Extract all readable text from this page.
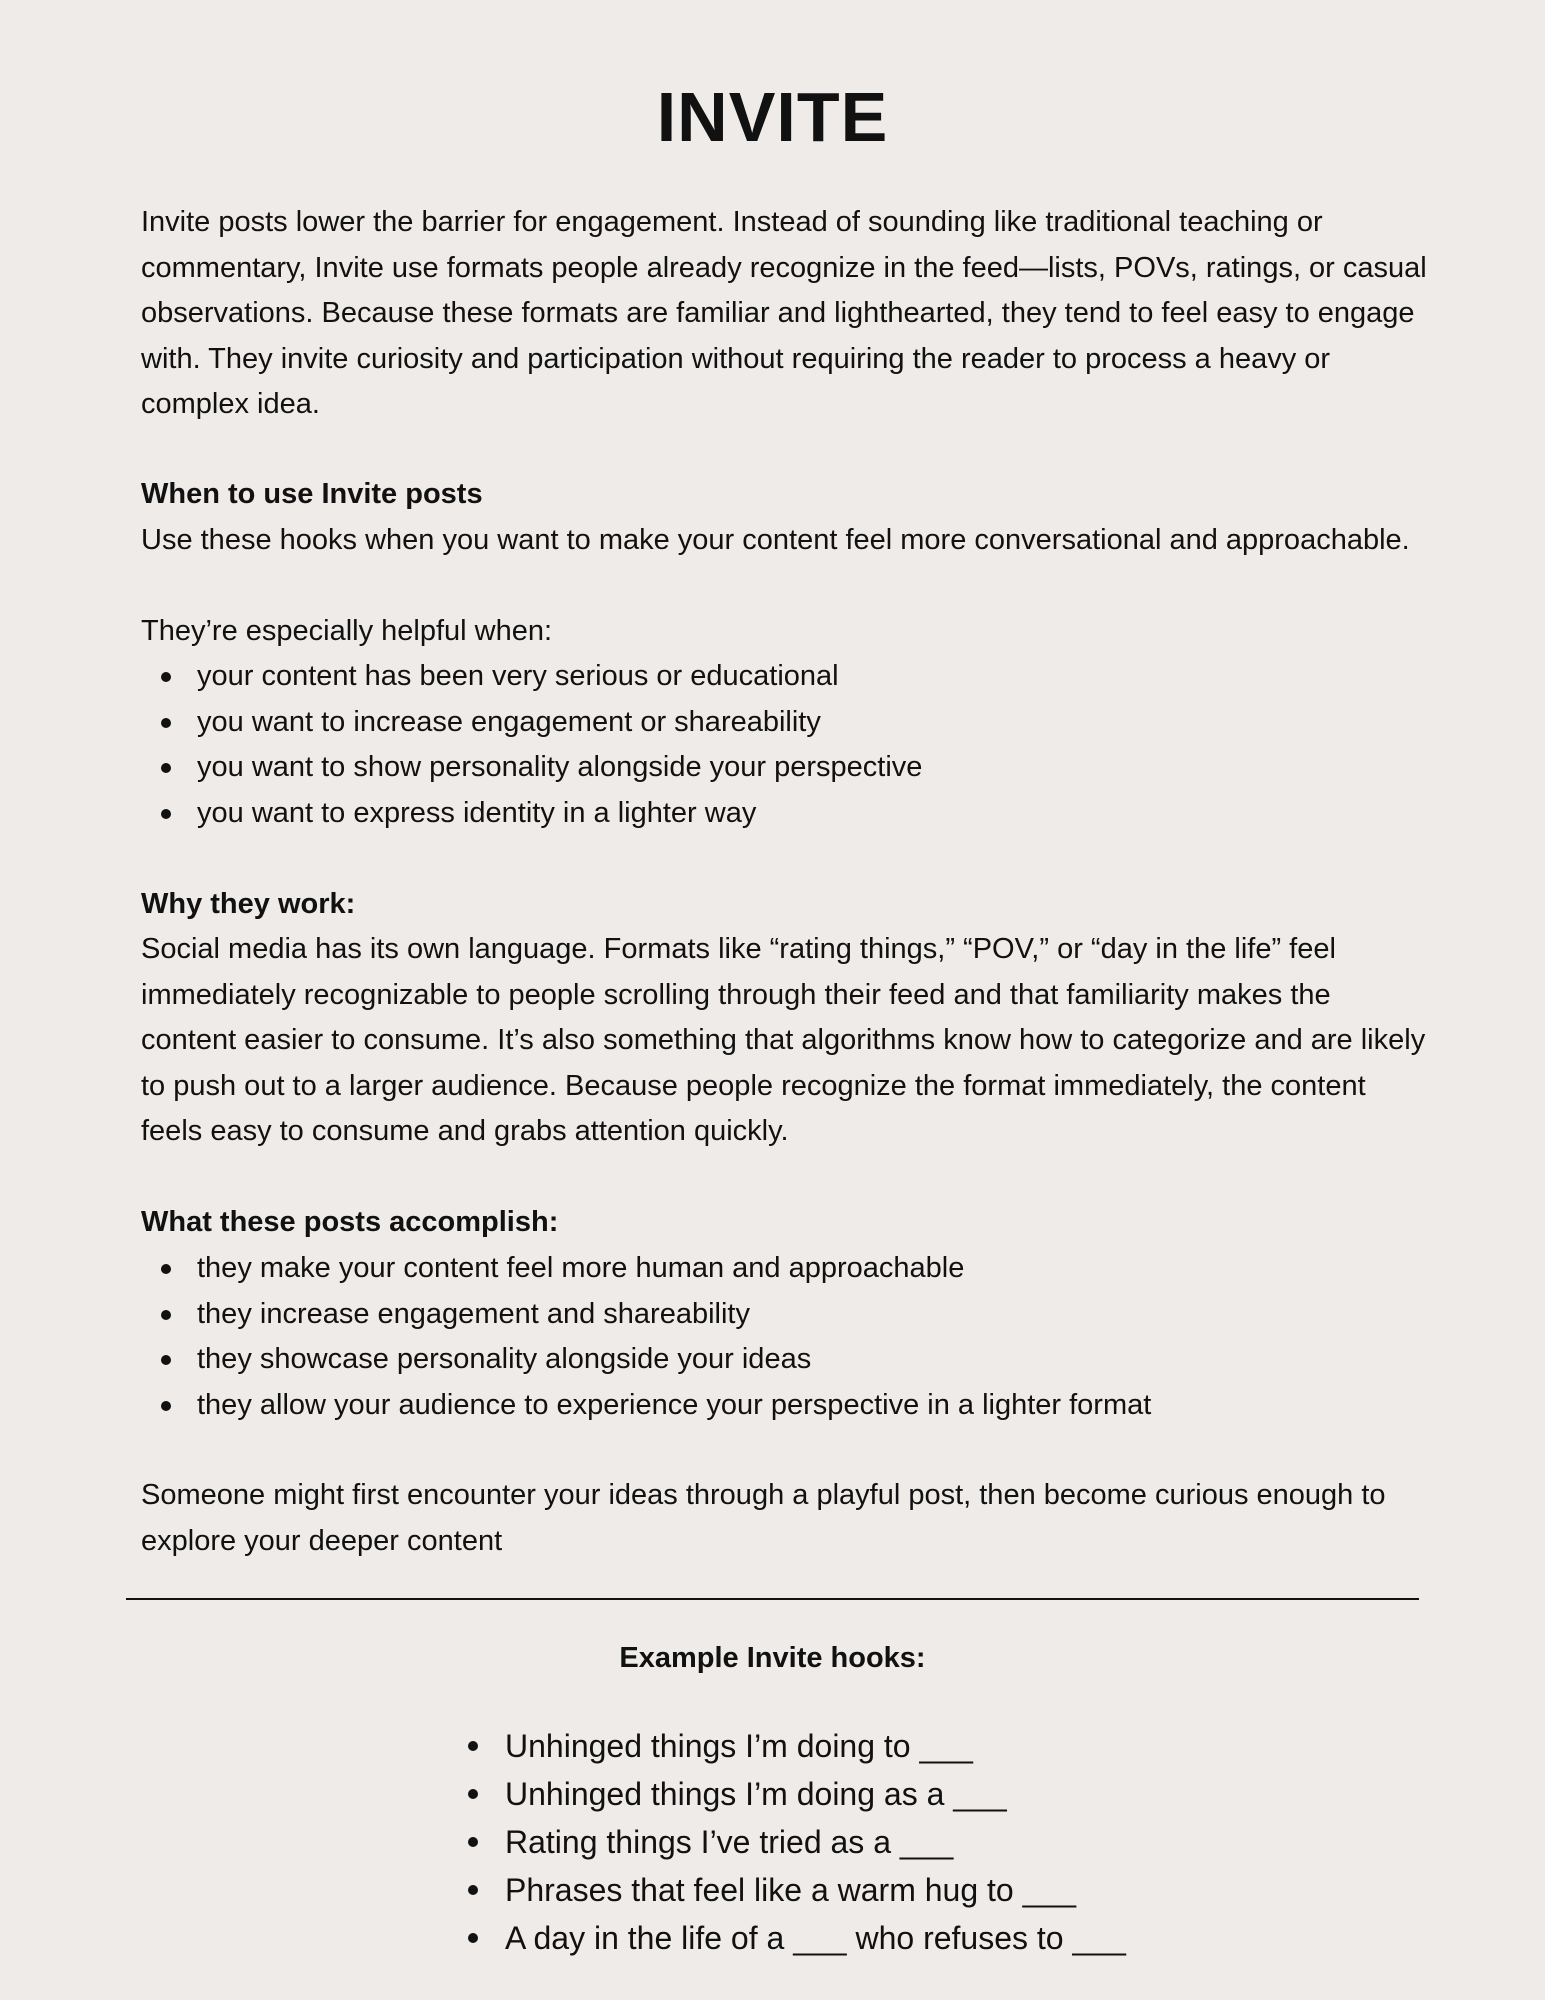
INVITE

Invite posts lower the barrier for engagement. Instead of sounding like traditional teaching or commentary, Invite use formats people already recognize in the feed—lists, POVs, ratings, or casual observations. Because these formats are familiar and lighthearted, they tend to feel easy to engage with. They invite curiosity and participation without requiring the reader to process a heavy or complex idea.

When to use Invite posts

Use these hooks when you want to make your content feel more conversational and approachable.

They’re especially helpful when:

your content has been very serious or educational
you want to increase engagement or shareability
you want to show personality alongside your perspective
you want to express identity in a lighter way

Why they work:

Social media has its own language. Formats like “rating things,” “POV,” or “day in the life” feel immediately recognizable to people scrolling through their feed and that familiarity makes the content easier to consume. It’s also something that algorithms know how to categorize and are likely to push out to a larger audience. Because people recognize the format immediately, the content feels easy to consume and grabs attention quickly.

What these posts accomplish:

they make your content feel more human and approachable
they increase engagement and shareability
they showcase personality alongside your ideas
they allow your audience to experience your perspective in a lighter format

Someone might first encounter your ideas through a playful post, then become curious enough to explore your deeper content

Example Invite hooks:

Unhinged things I’m doing to ___
Unhinged things I’m doing as a ___
Rating things I’ve tried as a ___
Phrases that feel like a warm hug to ___
A day in the life of a ___ who refuses to ___
